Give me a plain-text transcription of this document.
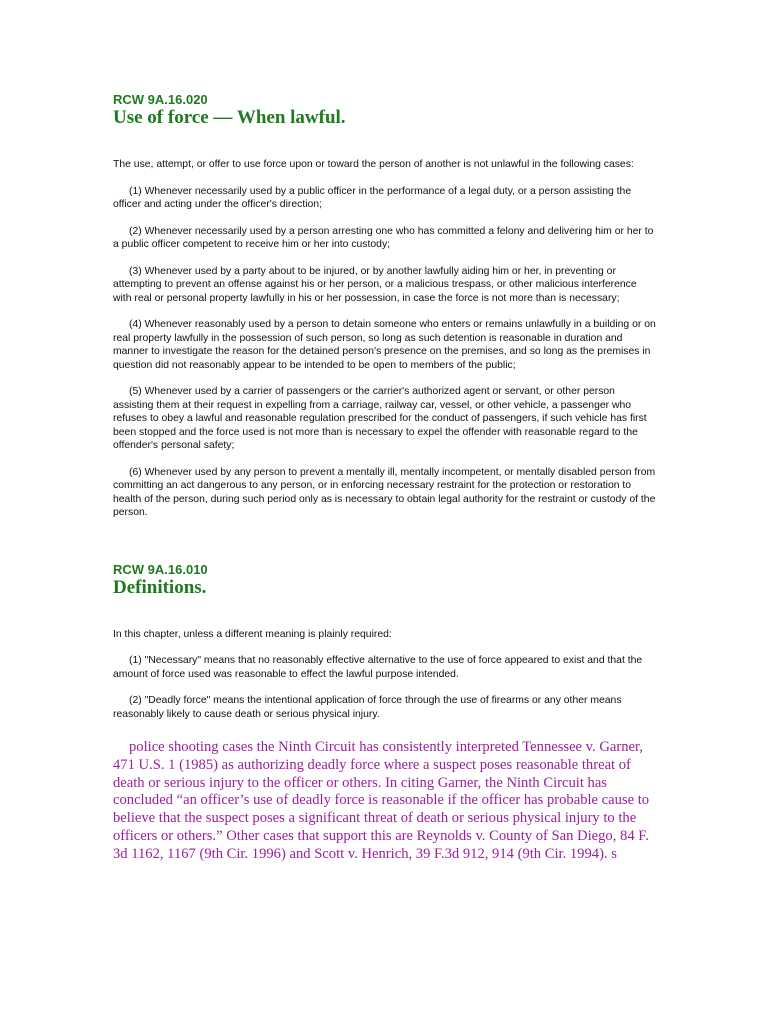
RCW 9A.16.020
Use of force — When lawful.

The use, attempt, or offer to use force upon or toward the person of another is not unlawful in the following cases:

(1) Whenever necessarily used by a public officer in the performance of a legal duty, or a person assisting the officer and acting under the officer's direction;

(2) Whenever necessarily used by a person arresting one who has committed a felony and delivering him or her to a public officer competent to receive him or her into custody;

(3) Whenever used by a party about to be injured, or by another lawfully aiding him or her, in preventing or attempting to prevent an offense against his or her person, or a malicious trespass, or other malicious interference with real or personal property lawfully in his or her possession, in case the force is not more than is necessary;

(4) Whenever reasonably used by a person to detain someone who enters or remains unlawfully in a building or on real property lawfully in the possession of such person, so long as such detention is reasonable in duration and manner to investigate the reason for the detained person's presence on the premises, and so long as the premises in question did not reasonably appear to be intended to be open to members of the public;

(5) Whenever used by a carrier of passengers or the carrier's authorized agent or servant, or other person assisting them at their request in expelling from a carriage, railway car, vessel, or other vehicle, a passenger who refuses to obey a lawful and reasonable regulation prescribed for the conduct of passengers, if such vehicle has first been stopped and the force used is not more than is necessary to expel the offender with reasonable regard to the offender's personal safety;

(6) Whenever used by any person to prevent a mentally ill, mentally incompetent, or mentally disabled person from committing an act dangerous to any person, or in enforcing necessary restraint for the protection or restoration to health of the person, during such period only as is necessary to obtain legal authority for the restraint or custody of the person.

RCW 9A.16.010
Definitions.

In this chapter, unless a different meaning is plainly required:

(1) "Necessary" means that no reasonably effective alternative to the use of force appeared to exist and that the amount of force used was reasonable to effect the lawful purpose intended.

(2) "Deadly force" means the intentional application of force through the use of firearms or any other means reasonably likely to cause death or serious physical injury.

police shooting cases the Ninth Circuit has consistently interpreted Tennessee v. Garner, 471 U.S. 1 (1985) as authorizing deadly force where a suspect poses reasonable threat of death or serious injury to the officer or others. In citing Garner, the Ninth Circuit has concluded “an officer’s use of deadly force is reasonable if the officer has probable cause to believe that the suspect poses a significant threat of death or serious physical injury to the officers or others.” Other cases that support this are Reynolds v. County of San Diego, 84 F. 3d 1162, 1167 (9th Cir. 1996) and Scott v. Henrich, 39 F.3d 912, 914 (9th Cir. 1994). s
